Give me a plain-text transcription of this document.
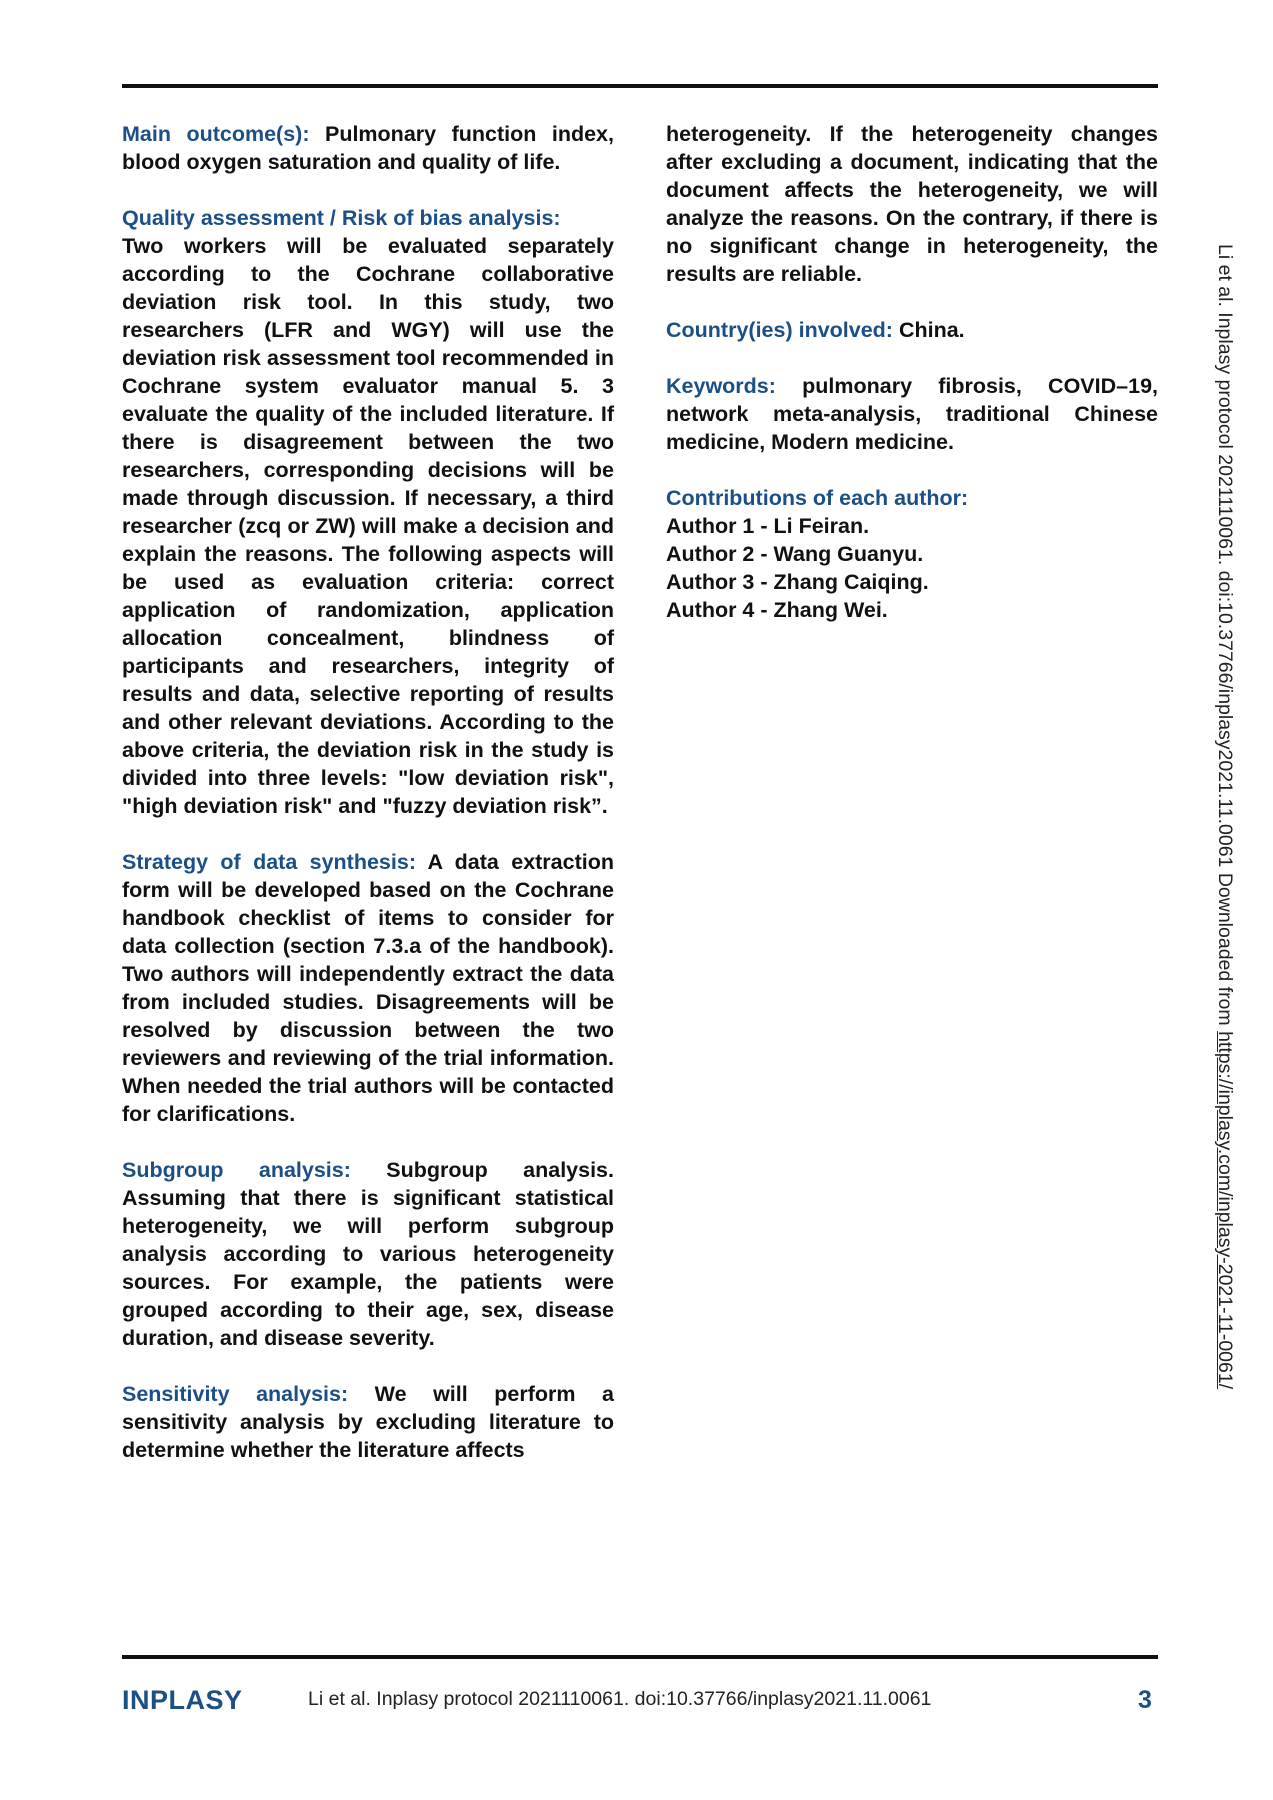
Main outcome(s): Pulmonary function index, blood oxygen saturation and quality of life.

Quality assessment / Risk of bias analysis:
Two workers will be evaluated separately according to the Cochrane collaborative deviation risk tool. In this study, two researchers (LFR and WGY) will use the deviation risk assessment tool recommended in Cochrane system evaluator manual 5. 3 evaluate the quality of the included literature. If there is disagreement between the two researchers, corresponding decisions will be made through discussion. If necessary, a third researcher (zcq or ZW) will make a decision and explain the reasons. The following aspects will be used as evaluation criteria: correct application of randomization, application allocation concealment, blindness of participants and researchers, integrity of results and data, selective reporting of results and other relevant deviations. According to the above criteria, the deviation risk in the study is divided into three levels: "low deviation risk", "high deviation risk" and "fuzzy deviation risk”.

Strategy of data synthesis: A data extraction form will be developed based on the Cochrane handbook checklist of items to consider for data collection (section 7.3.a of the handbook). Two authors will independently extract the data from included studies. Disagreements will be resolved by discussion between the two reviewers and reviewing of the trial information. When needed the trial authors will be contacted for clarifications.

Subgroup analysis: Subgroup analysis. Assuming that there is significant statistical heterogeneity, we will perform subgroup analysis according to various heterogeneity sources. For example, the patients were grouped according to their age, sex, disease duration, and disease severity.

Sensitivity analysis: We will perform a sensitivity analysis by excluding literature to determine whether the literature affects

heterogeneity. If the heterogeneity changes after excluding a document, indicating that the document affects the heterogeneity, we will analyze the reasons. On the contrary, if there is no significant change in heterogeneity, the results are reliable.

Country(ies) involved: China.

Keywords: pulmonary fibrosis, COVID–19, network meta-analysis, traditional Chinese medicine, Modern medicine.

Contributions of each author:
Author 1 - Li Feiran.
Author 2 - Wang Guanyu.
Author 3 - Zhang Caiqing.
Author 4 - Zhang Wei.	Li et al. Inplasy protocol 202111006​1. doi:10.37766/inplasy2021.11.0061 Downloaded from https://inplasy.com/inplasy-2021-11-0061/
INPLASY	Li et al. Inplasy protocol 2021110061. doi:10.37766/inplasy2021.11.0061	3
